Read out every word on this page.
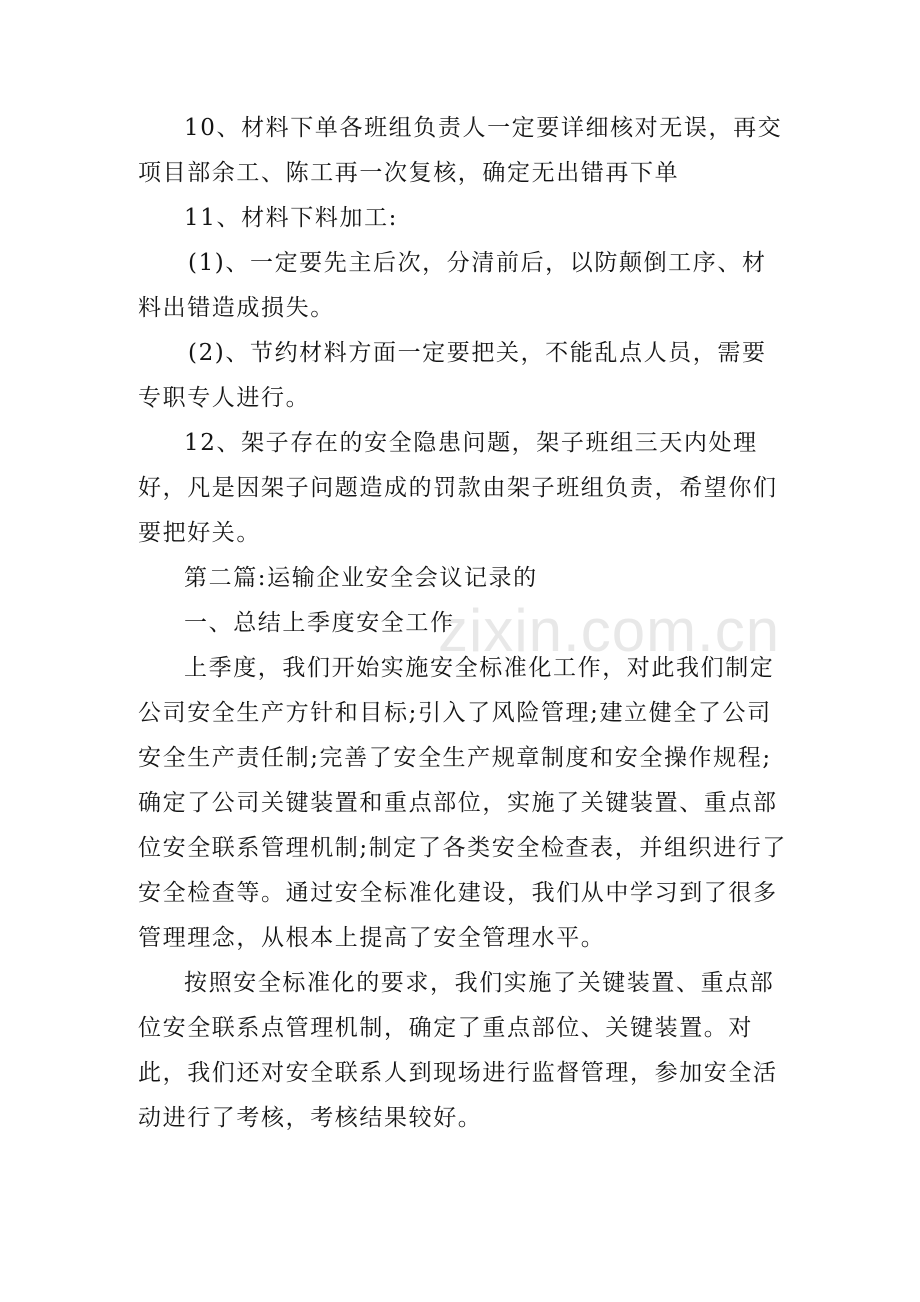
10、材料下单各班组负责人一定要详细核对无误，再交项目部余工、陈工再一次复核，确定无出错再下单

11、材料下料加工:

(1)、一定要先主后次，分清前后，以防颠倒工序、材料出错造成损失。

(2)、节约材料方面一定要把关，不能乱点人员，需要专职专人进行。

12、架子存在的安全隐患问题，架子班组三天内处理好，凡是因架子问题造成的罚款由架子班组负责，希望你们要把好关。

第二篇:运输企业安全会议记录的

一、总结上季度安全工作

上季度，我们开始实施安全标准化工作，对此我们制定公司安全生产方针和目标;引入了风险管理;建立健全了公司安全生产责任制;完善了安全生产规章制度和安全操作规程;确定了公司关键装置和重点部位，实施了关键装置、重点部位安全联系管理机制;制定了各类安全检查表，并组织进行了安全检查等。通过安全标准化建设，我们从中学习到了很多管理理念，从根本上提高了安全管理水平。

按照安全标准化的要求，我们实施了关键装置、重点部位安全联系点管理机制，确定了重点部位、关键装置。对此，我们还对安全联系人到现场进行监督管理，参加安全活动进行了考核，考核结果较好。

zixin.com.cn
